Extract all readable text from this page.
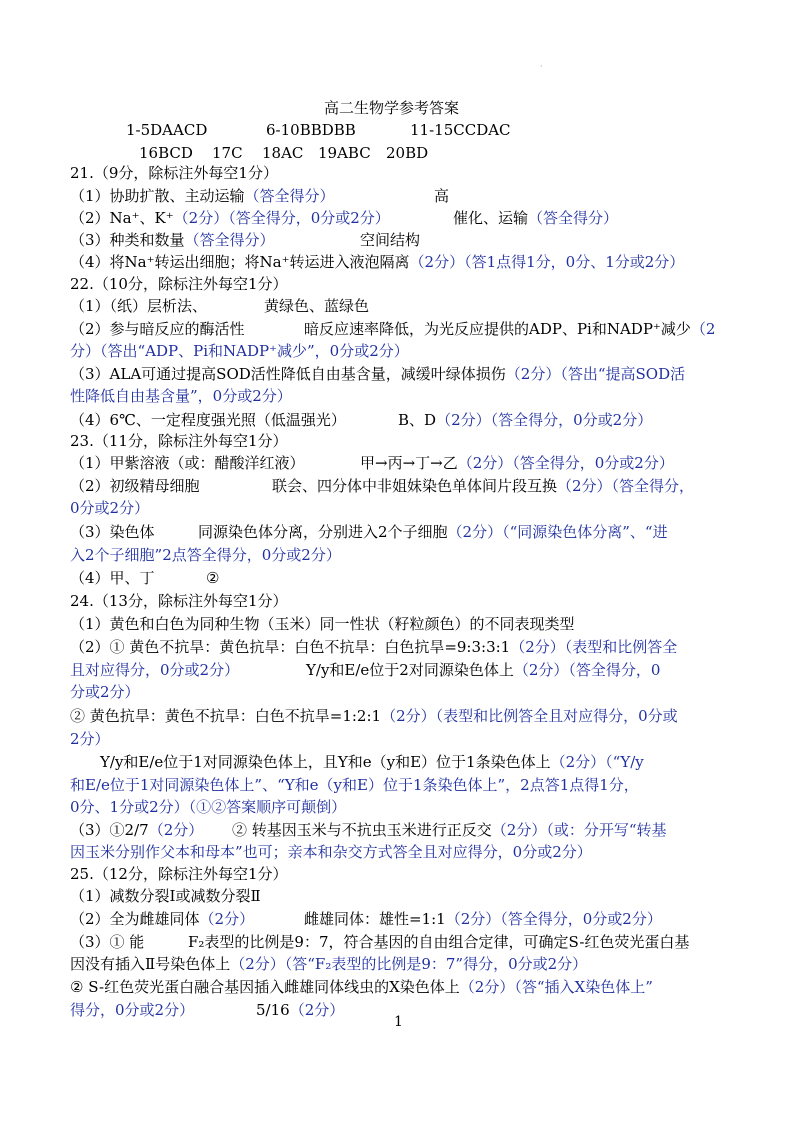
·
高二生物学参考答案
1-5DAACD	6-10BBDBB	11-15CCDAC
16BCD 17C 18AC 19ABC 20BD
21.（9分，除标注外每空1分）
（1）协助扩散、主动运输（答全得分）	高
（2）Na⁺、K⁺（2分）（答全得分，0分或2分）	催化、运输（答全得分）
（3）种类和数量（答全得分）	空间结构
（4）将Na⁺转运出细胞；将Na⁺转运进入液泡隔离（2分）（答1点得1分，0分、1分或2分）
22.（10分，除标注外每空1分）
（1）（纸）层析法、	黄绿色、蓝绿色
（2）参与暗反应的酶活性	暗反应速率降低，为光反应提供的ADP、Pi和NADP⁺减少（2
分）（答出“ADP、Pi和NADP⁺减少”，0分或2分）
（3）ALA可通过提高SOD活性降低自由基含量，减缓叶绿体损伤（2分）（答出“提高SOD活
性降低自由基含量”，0分或2分）
（4）6℃、一定程度强光照（低温强光）	B、D（2分）（答全得分，0分或2分）
23.（11分，除标注外每空1分）
（1）甲紫溶液（或：醋酸洋红液）	甲→丙→丁→乙（2分）（答全得分，0分或2分）
（2）初级精母细胞	联会、四分体中非姐妹染色单体间片段互换（2分）（答全得分，
0分或2分）
（3）染色体	同源染色体分离，分别进入2个子细胞（2分）（“同源染色体分离”、“进
入2个子细胞”2点答全得分，0分或2分）
（4）甲、丁	②
24.（13分，除标注外每空1分）
（1）黄色和白色为同种生物（玉米）同一性状（籽粒颜色）的不同表现类型
（2）① 黄色不抗旱：黄色抗旱：白色不抗旱：白色抗旱=9:3:3:1（2分）（表型和比例答全
且对应得分，0分或2分）	Y/y和E/e位于2对同源染色体上（2分）（答全得分，0
分或2分）
② 黄色抗旱：黄色不抗旱：白色不抗旱=1:2:1（2分）（表型和比例答全且对应得分，0分或
2分）
Y/y和E/e位于1对同源染色体上，且Y和e（y和E）位于1条染色体上（2分）（“Y/y
和E/e位于1对同源染色体上”、“Y和e（y和E）位于1条染色体上”，2点答1点得1分，
0分、1分或2分）（①②答案顺序可颠倒）
（3）①2/7（2分） ② 转基因玉米与不抗虫玉米进行正反交（2分）（或：分开写“转基
因玉米分别作父本和母本”也可；亲本和杂交方式答全且对应得分，0分或2分）
25.（12分，除标注外每空1分）
（1）减数分裂Ⅰ或减数分裂Ⅱ
（2）全为雌雄同体（2分）	雌雄同体：雄性=1:1（2分）（答全得分，0分或2分）
（3）① 能	F₂表型的比例是9：7，符合基因的自由组合定律，可确定S-红色荧光蛋白基
因没有插入Ⅱ号染色体上（2分）（答“F₂表型的比例是9：7”得分，0分或2分）
② S-红色荧光蛋白融合基因插入雌雄同体线虫的X染色体上（2分）（答“插入X染色体上”
得分，0分或2分）	5/16（2分）
1
